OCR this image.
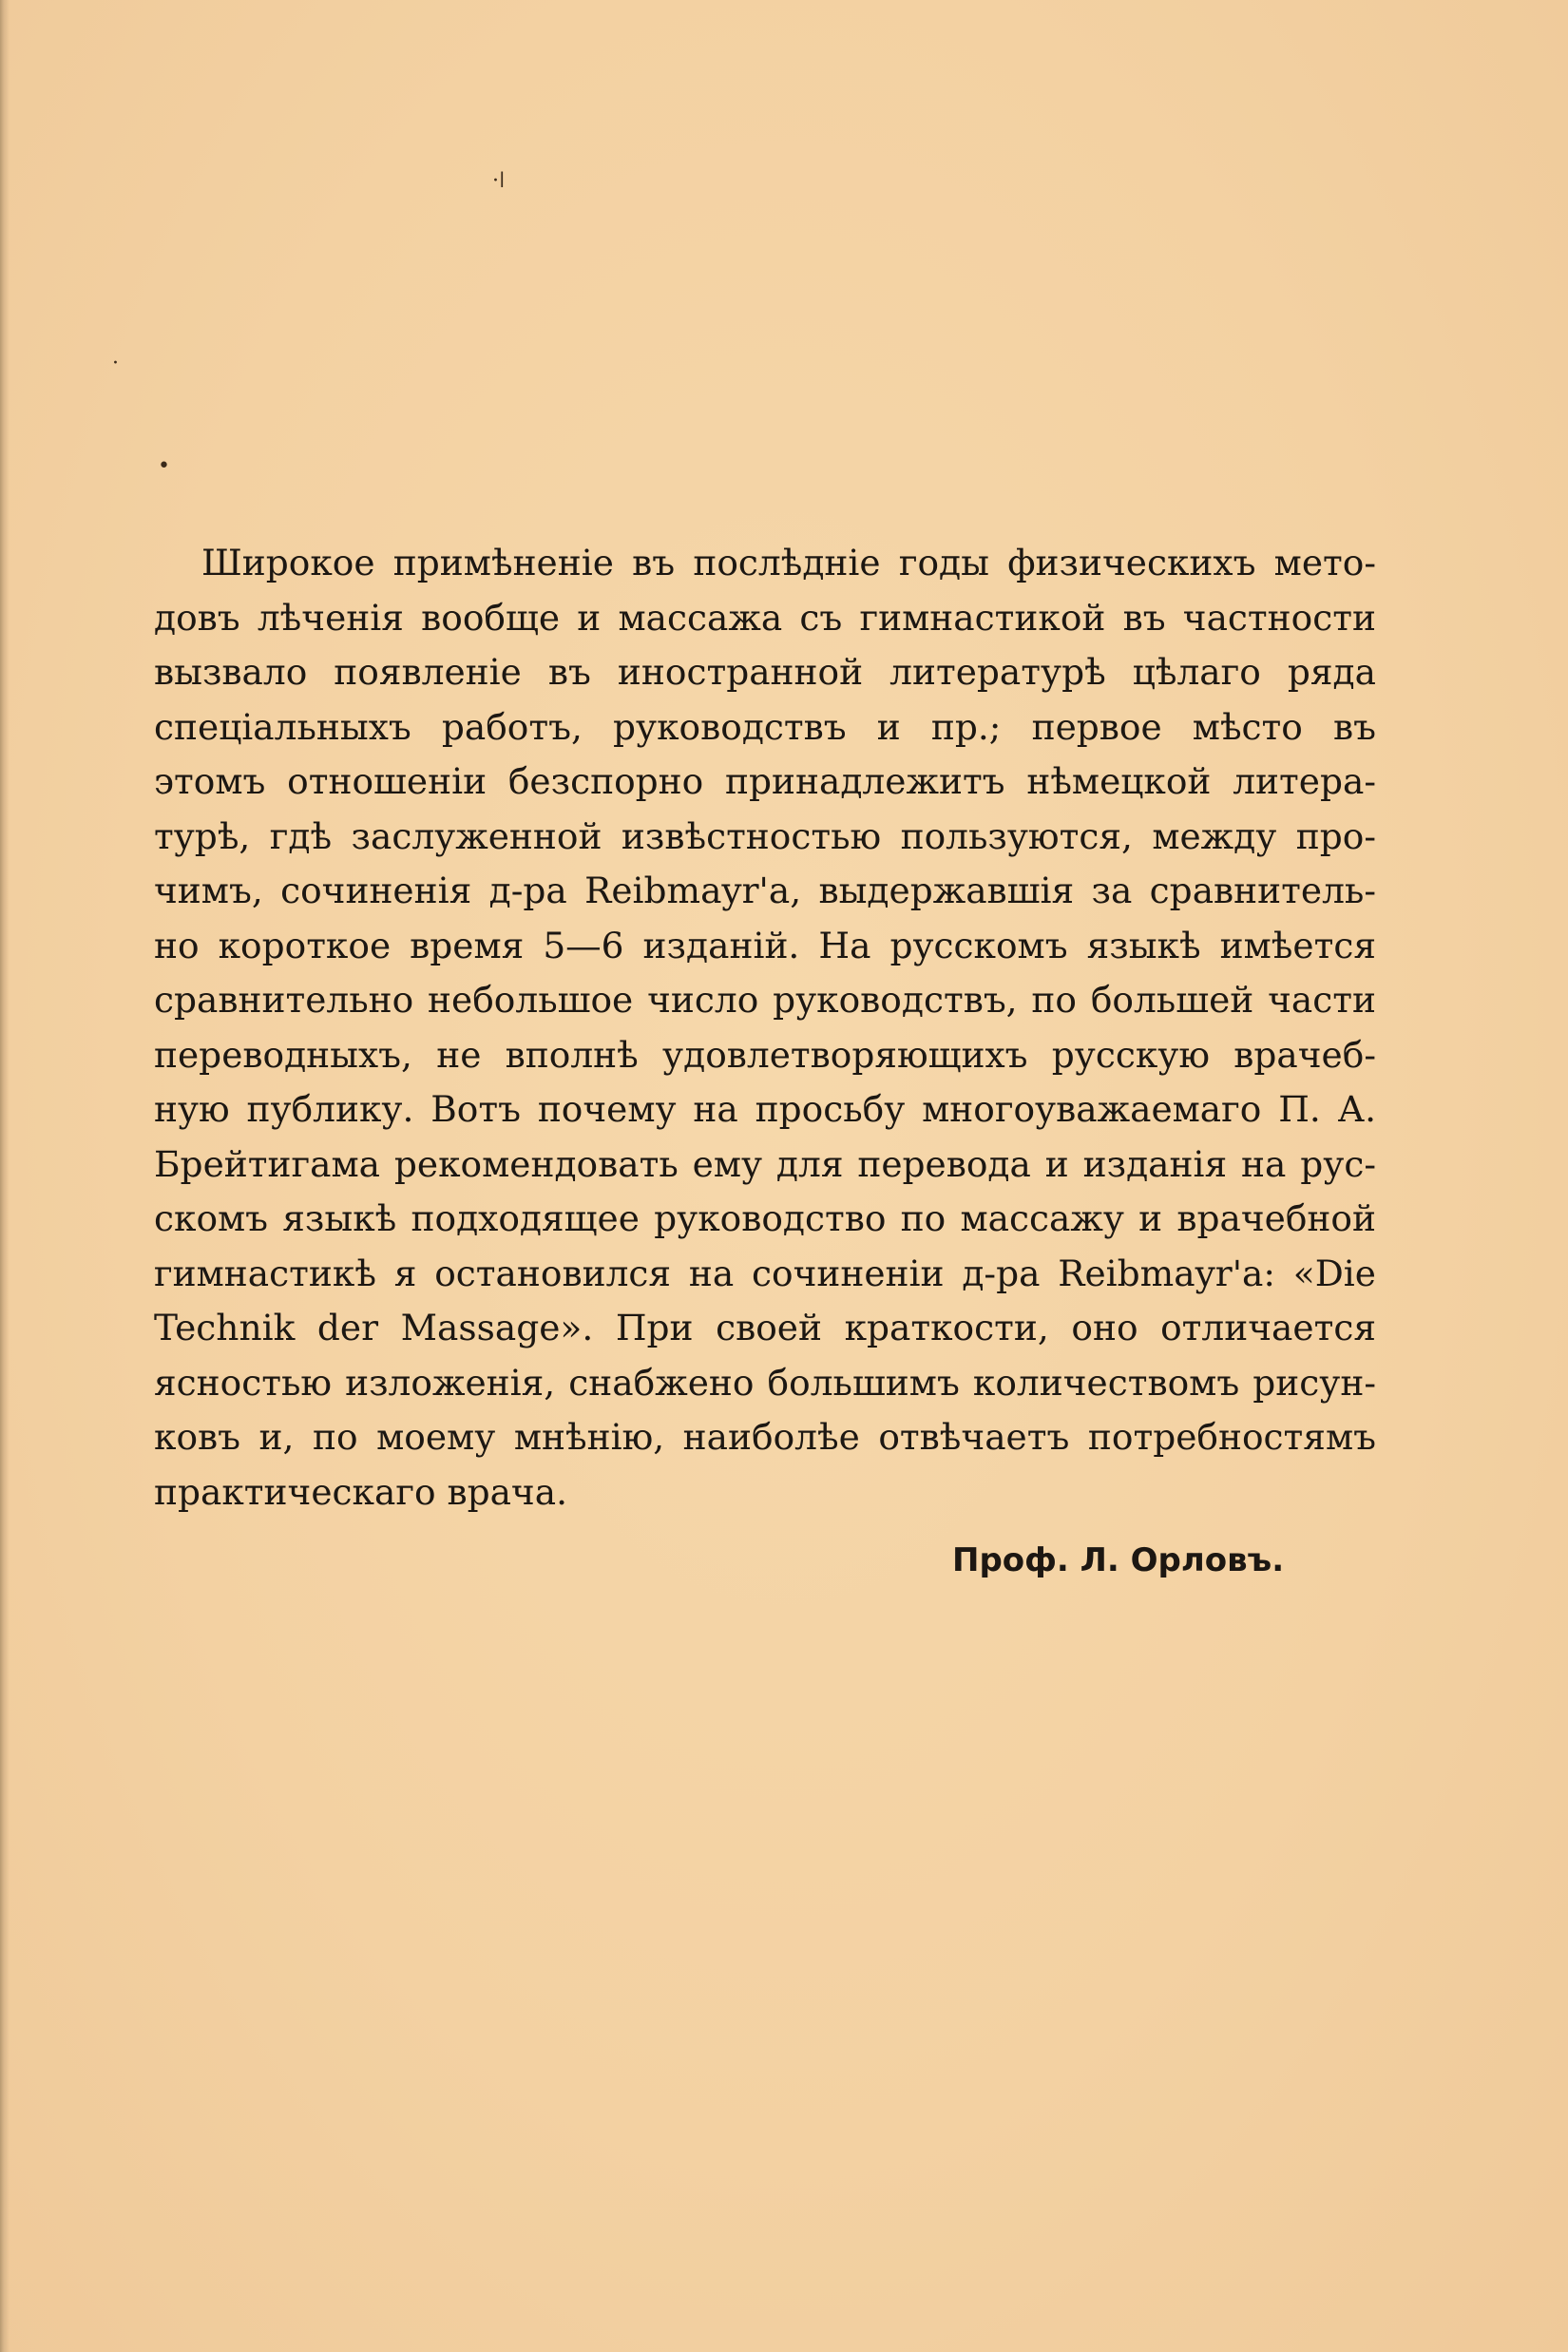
·ǀ
·
•
Широкое примѣненіе въ послѣдніе годы физическихъ мето-
довъ лѣченія вообще и массажа съ гимнастикой въ частности
вызвало появленіе въ иностранной литературѣ цѣлаго ряда
спеціальныхъ работъ, руководствъ и пр.; первое мѣсто въ
этомъ отношеніи безспорно принадлежитъ нѣмецкой литера-
турѣ, гдѣ заслуженной извѣстностью пользуются, между про-
чимъ, сочиненія д-ра Reibmayr'а, выдержавшія за сравнитель-
но короткое время 5—6 изданій. На русскомъ языкѣ имѣется
сравнительно небольшое число руководствъ, по большей части
переводныхъ, не вполнѣ удовлетворяющихъ русскую врачеб-
ную публику. Вотъ почему на просьбу многоуважаемаго П. А.
Брейтигама рекомендовать ему для перевода и изданія на рус-
скомъ языкѣ подходящее руководство по массажу и врачебной
гимнастикѣ я остановился на сочиненіи д-ра Reibmayr'а: «Die
Technik der Massage». При своей краткости, оно отличается
ясностью изложенія, снабжено большимъ количествомъ рисун-
ковъ и, по моему мнѣнію, наиболѣе отвѣчаетъ потребностямъ
практическаго врача.
Проф. Л. Орловъ.
